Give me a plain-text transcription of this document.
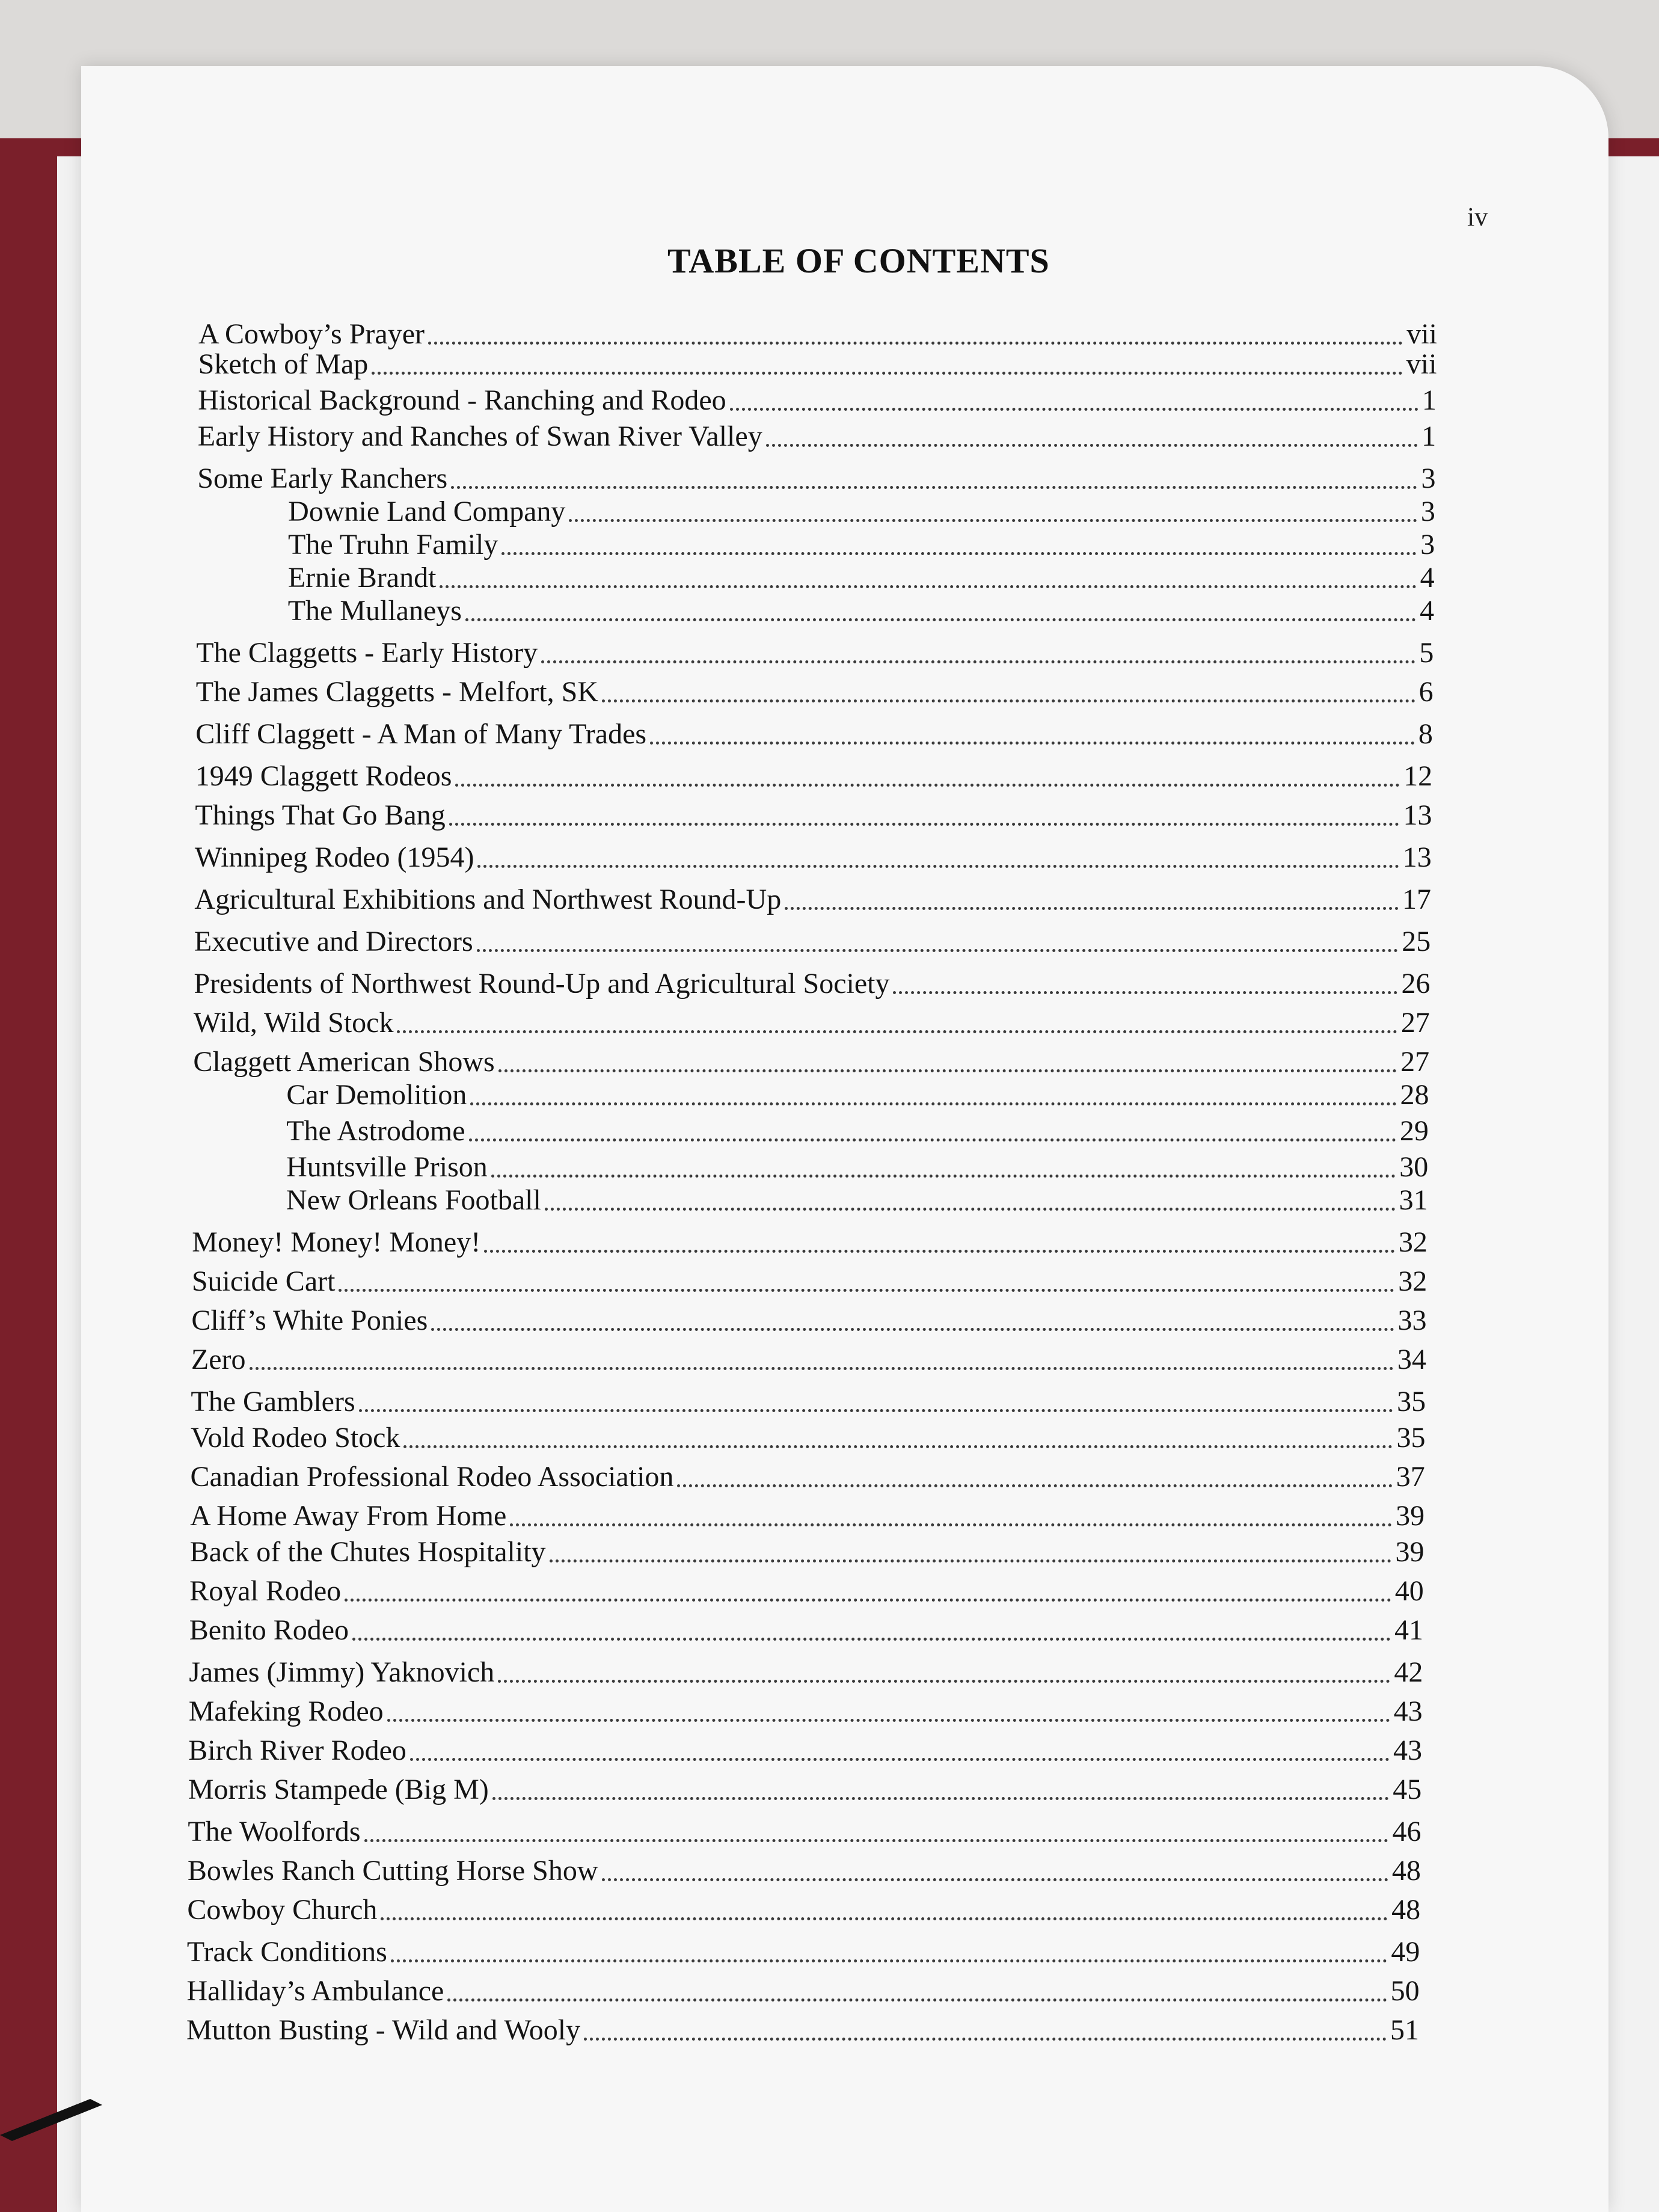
iv
TABLE OF CONTENTS
A Cowboy’s Prayer	vii
Sketch of Map	vii
Historical Background - Ranching and Rodeo	1
Early History and Ranches of Swan River Valley	1
Some Early Ranchers	3
Downie Land Company	3
The Truhn Family	3
Ernie Brandt	4
The Mullaneys	4
The Claggetts - Early History	5
The James Claggetts - Melfort, SK	6
Cliff Claggett - A Man of Many Trades	8
1949 Claggett Rodeos	12
Things That Go Bang	13
Winnipeg Rodeo (1954)	13
Agricultural Exhibitions and Northwest Round-Up	17
Executive and Directors	25
Presidents of Northwest Round-Up and Agricultural Society	26
Wild, Wild Stock	27
Claggett American Shows	27
Car Demolition	28
The Astrodome	29
Huntsville Prison	30
New Orleans Football	31
Money! Money! Money!	32
Suicide Cart	32
Cliff’s White Ponies	33
Zero	34
The Gamblers	35
Vold Rodeo Stock	35
Canadian Professional Rodeo Association	37
A Home Away From Home	39
Back of the Chutes Hospitality	39
Royal Rodeo	40
Benito Rodeo	41
James (Jimmy) Yaknovich	42
Mafeking Rodeo	43
Birch River Rodeo	43
Morris Stampede (Big M)	45
The Woolfords	46
Bowles Ranch Cutting Horse Show	48
Cowboy Church	48
Track Conditions	49
Halliday’s Ambulance	50
Mutton Busting - Wild and Wooly	51
